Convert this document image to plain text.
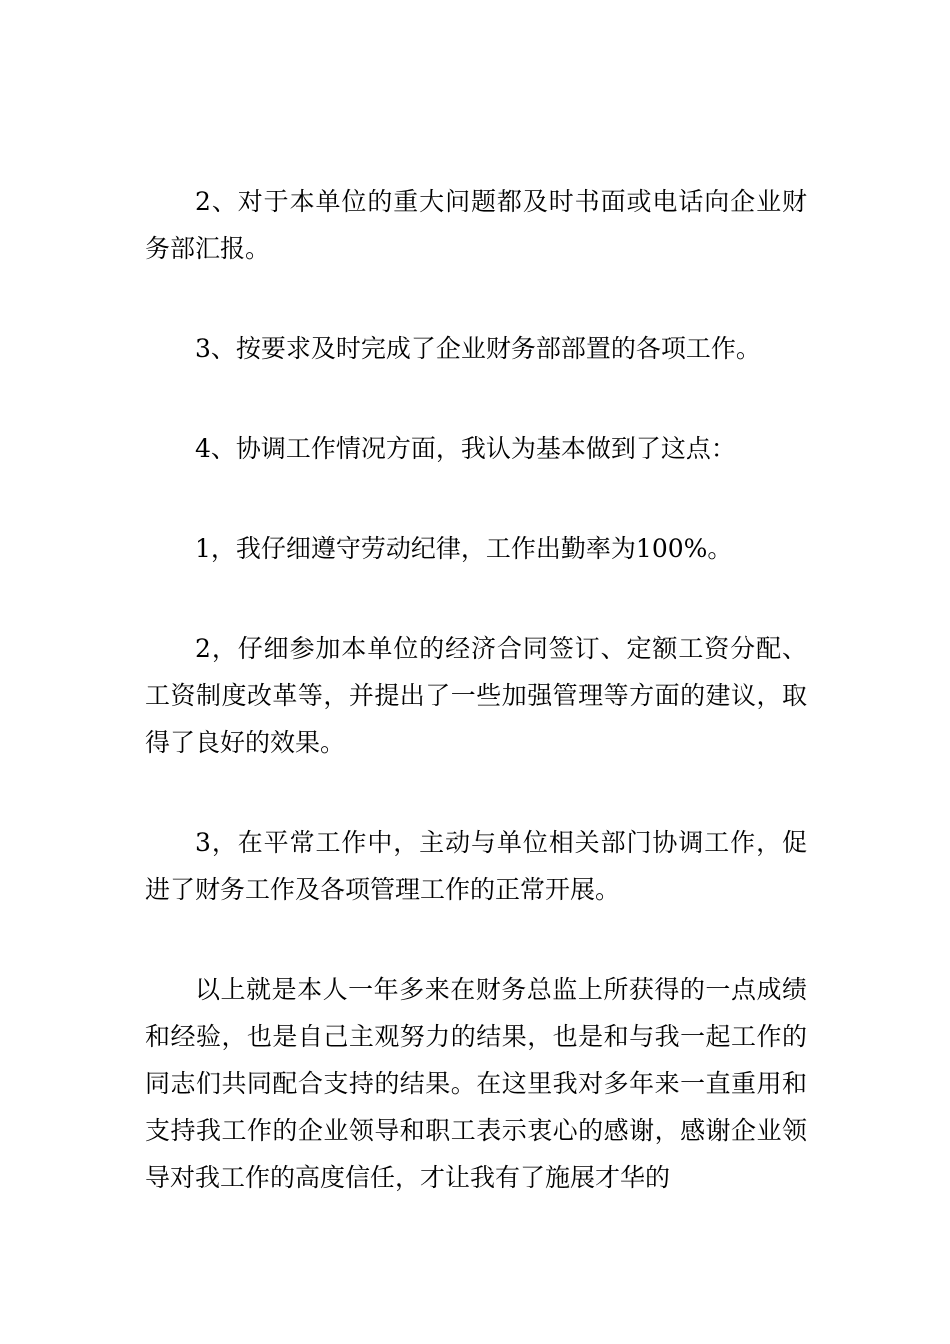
2、对于本单位的重大问题都及时书面或电话向企业财务部汇报。

3、按要求及时完成了企业财务部部置的各项工作。

4、协调工作情况方面，我认为基本做到了这点：

1，我仔细遵守劳动纪律，工作出勤率为100%。

2，仔细参加本单位的经济合同签订、定额工资分配、工资制度改革等，并提出了一些加强管理等方面的建议，取得了良好的效果。

3，在平常工作中，主动与单位相关部门协调工作，促进了财务工作及各项管理工作的正常开展。

以上就是本人一年多来在财务总监上所获得的一点成绩和经验，也是自己主观努力的结果，也是和与我一起工作的同志们共同配合支持的结果。在这里我对多年来一直重用和支持我工作的企业领导和职工表示衷心的感谢，感谢企业领导对我工作的高度信任，才让我有了施展才华的
